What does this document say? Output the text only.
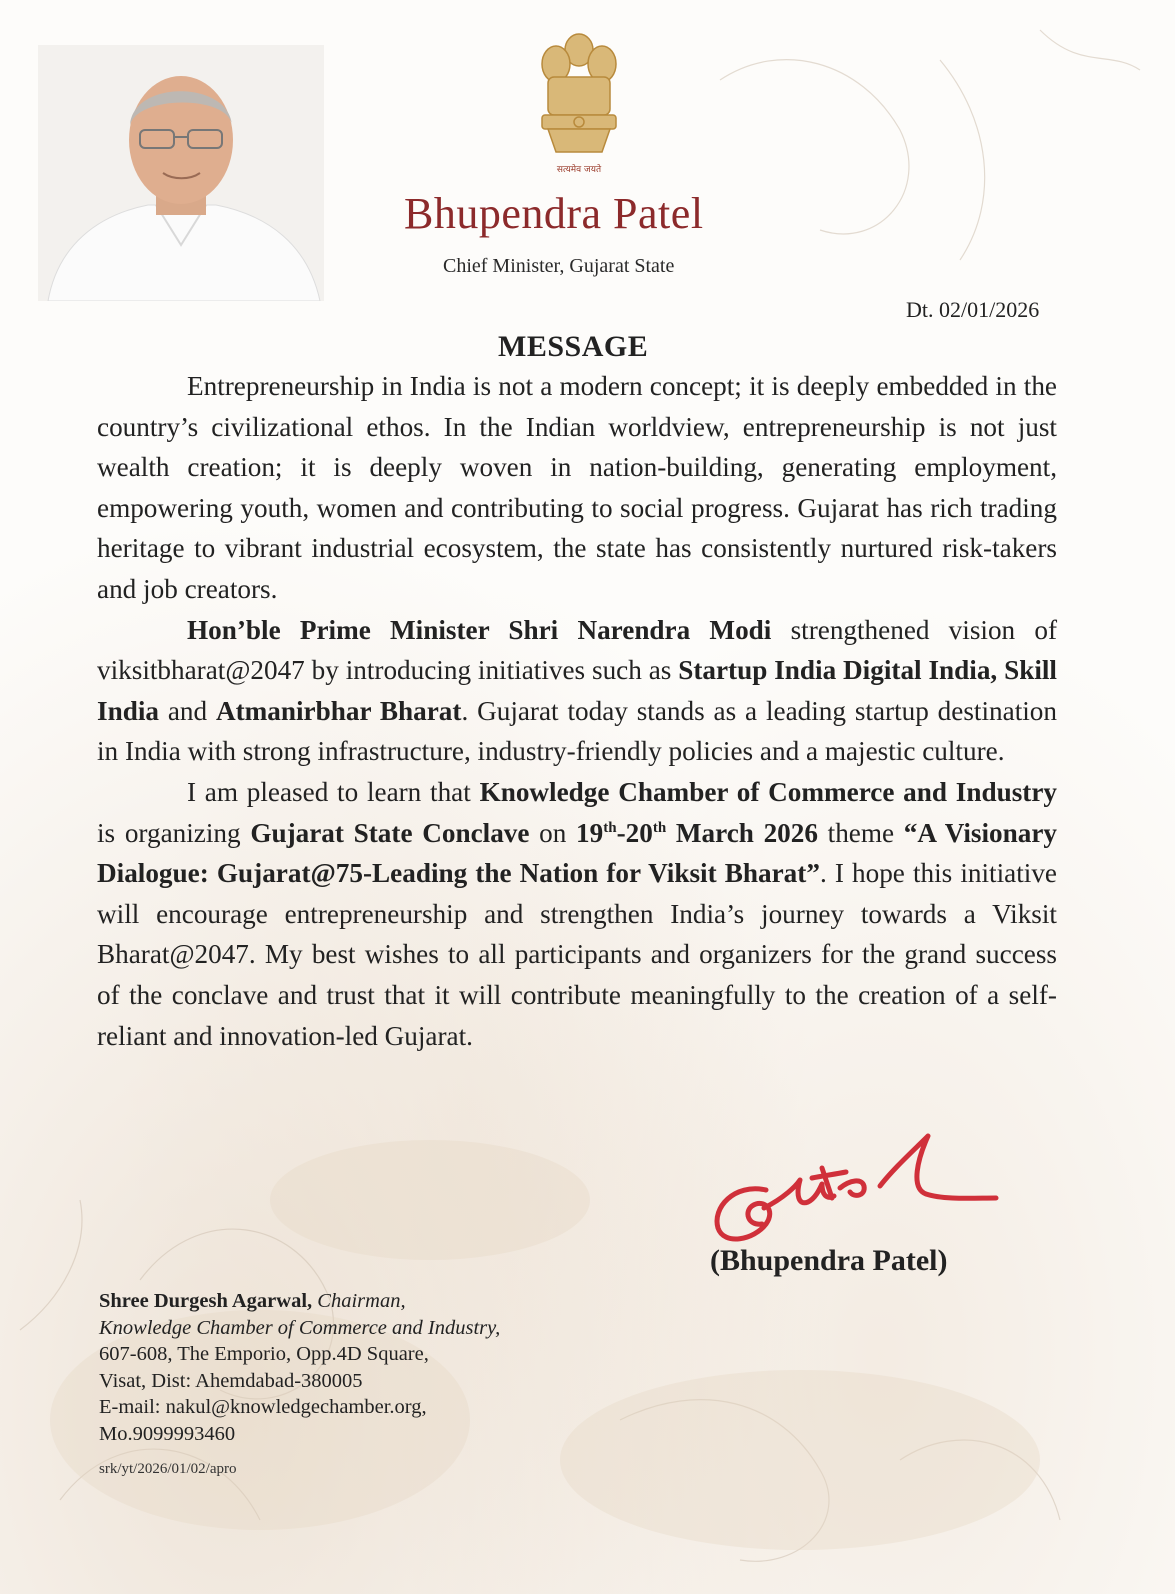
सत्यमेव जयते
Bhupendra Patel
Chief Minister, Gujarat State
Dt. 02/01/2026
MESSAGE

Entrepreneurship in India is not a modern concept; it is deeply embedded in the country’s civilizational ethos. In the Indian worldview, entrepreneurship is not just wealth creation; it is deeply woven in nation-building, generating employment, empowering youth, women and contributing to social progress. Gujarat has rich trading heritage to vibrant industrial ecosystem, the state has consistently nurtured risk-takers and job creators.

Hon’ble Prime Minister Shri Narendra Modi strengthened vision of viksitbharat@2047 by introducing initiatives such as Startup India Digital India, Skill India and Atmanirbhar Bharat. Gujarat today stands as a leading startup destination in India with strong infrastructure, industry-friendly policies and a majestic culture.

I am pleased to learn that Knowledge Chamber of Commerce and Industry is organizing Gujarat State Conclave on 19th-20th March 2026 theme “A Visionary Dialogue: Gujarat@75-Leading the Nation for Viksit Bharat”. I hope this initiative will encourage entrepreneurship and strengthen India’s journey towards a Viksit Bharat@2047. My best wishes to all participants and organizers for the grand success of the conclave and trust that it will contribute meaningfully to the creation of a self-reliant and innovation-led Gujarat.

(Bhupendra Patel)
Shree Durgesh Agarwal, Chairman,
Knowledge Chamber of Commerce and Industry,
607-608, The Emporio, Opp.4D Square,
Visat, Dist: Ahemdabad-380005
E-mail: nakul@knowledgechamber.org,
Mo.9099993460
srk/yt/2026/01/02/apro
